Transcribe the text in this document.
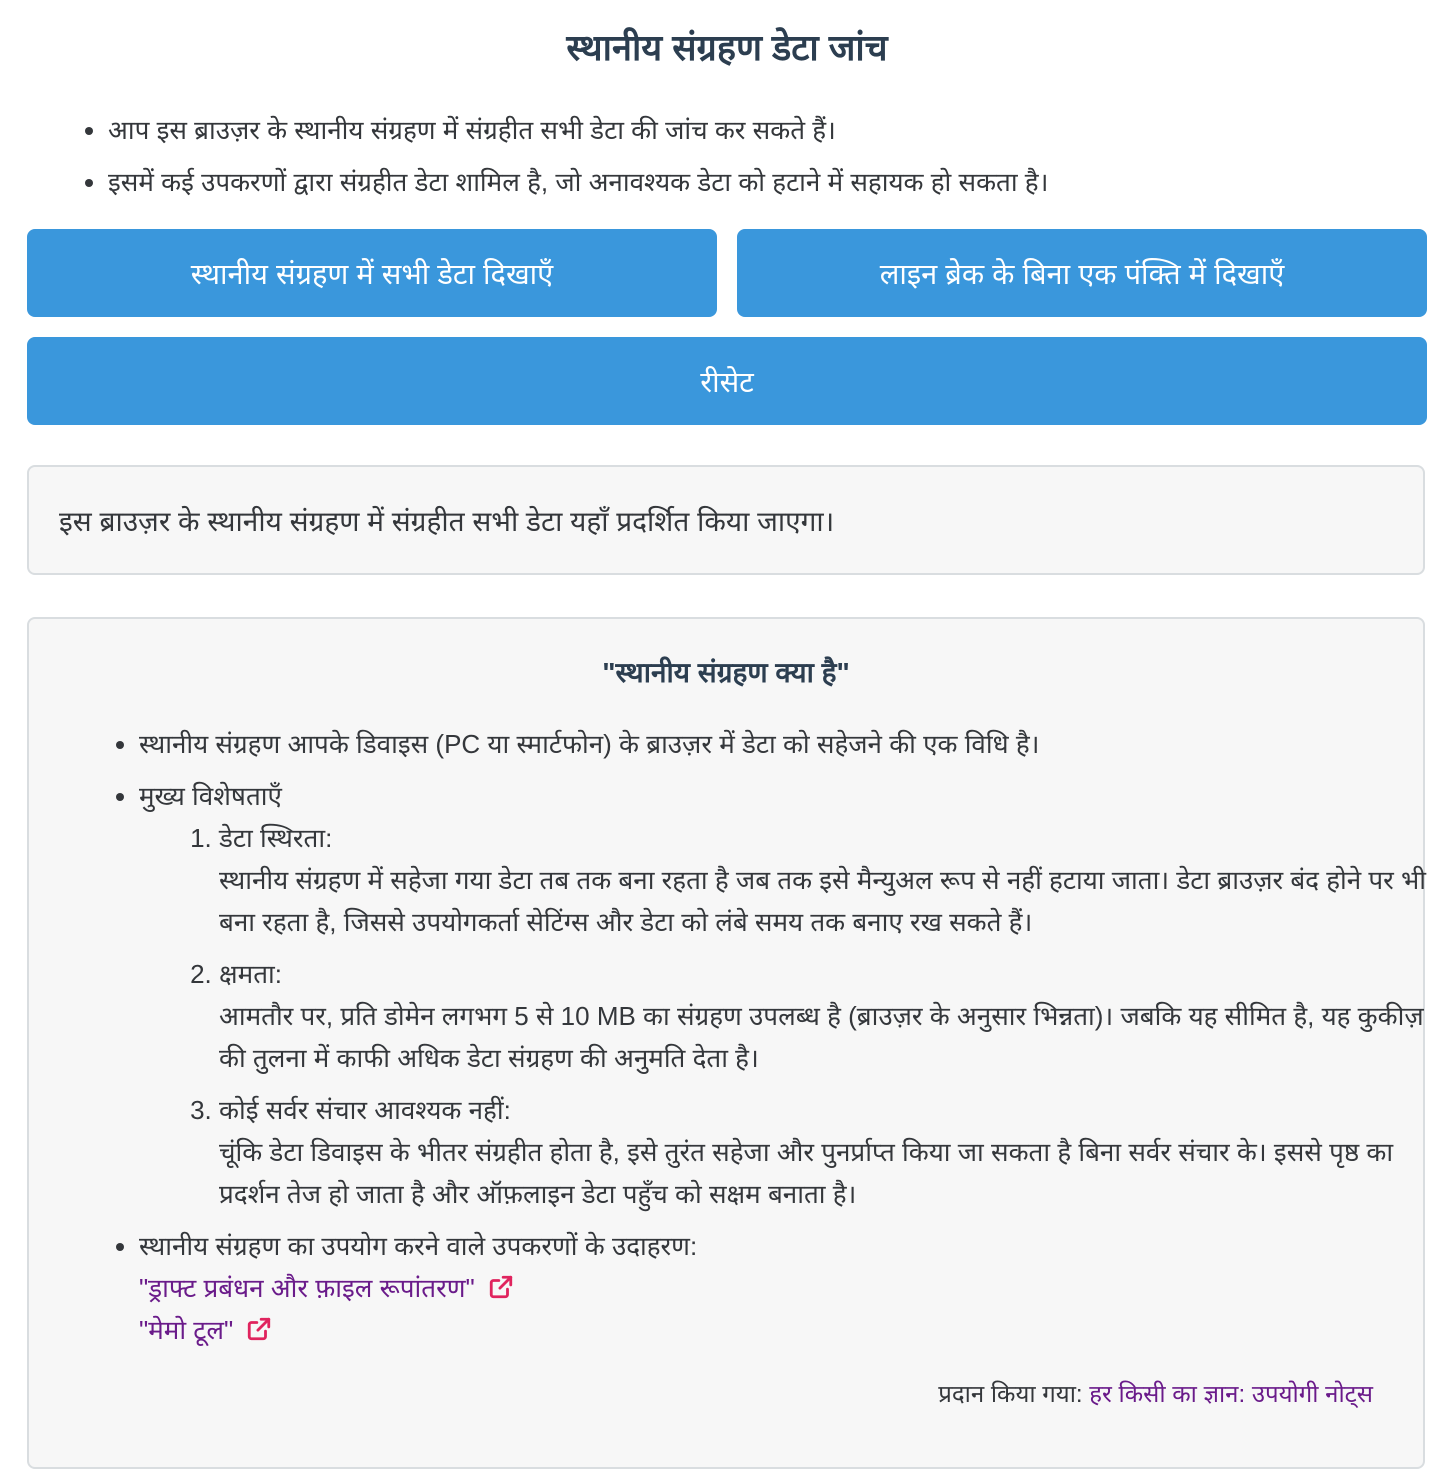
स्थानीय संग्रहण डेटा जांच
• आप इस ब्राउज़र के स्थानीय संग्रहण में संग्रहीत सभी डेटा की जांच कर सकते हैं।
• इसमें कई उपकरणों द्वारा संग्रहीत डेटा शामिल है, जो अनावश्यक डेटा को हटाने में सहायक हो सकता है।
स्थानीय संग्रहण में सभी डेटा दिखाएँ	लाइन ब्रेक के बिना एक पंक्ति में दिखाएँ
रीसेट
इस ब्राउज़र के स्थानीय संग्रहण में संग्रहीत सभी डेटा यहाँ प्रदर्शित किया जाएगा।
"स्थानीय संग्रहण क्या है"
• स्थानीय संग्रहण आपके डिवाइस (PC या स्मार्टफोन) के ब्राउज़र में डेटा को सहेजने की एक विधि है।
• मुख्य विशेषताएँ
1. डेटा स्थिरता:
स्थानीय संग्रहण में सहेजा गया डेटा तब तक बना रहता है जब तक इसे मैन्युअल रूप से नहीं हटाया जाता। डेटा ब्राउज़र बंद होने पर भी बना रहता है, जिससे उपयोगकर्ता सेटिंग्स और डेटा को लंबे समय तक बनाए रख सकते हैं।
2. क्षमता:
आमतौर पर, प्रति डोमेन लगभग 5 से 10 MB का संग्रहण उपलब्ध है (ब्राउज़र के अनुसार भिन्नता)। जबकि यह सीमित है, यह कुकीज़ की तुलना में काफी अधिक डेटा संग्रहण की अनुमति देता है।
3. कोई सर्वर संचार आवश्यक नहीं:
चूंकि डेटा डिवाइस के भीतर संग्रहीत होता है, इसे तुरंत सहेजा और पुनर्प्राप्त किया जा सकता है बिना सर्वर संचार के। इससे पृष्ठ का प्रदर्शन तेज हो जाता है और ऑफ़लाइन डेटा पहुँच को सक्षम बनाता है।
• स्थानीय संग्रहण का उपयोग करने वाले उपकरणों के उदाहरण:
"ड्राफ्ट प्रबंधन और फ़ाइल रूपांतरण"
"मेमो टूल"
प्रदान किया गया: हर किसी का ज्ञान: उपयोगी नोट्स
